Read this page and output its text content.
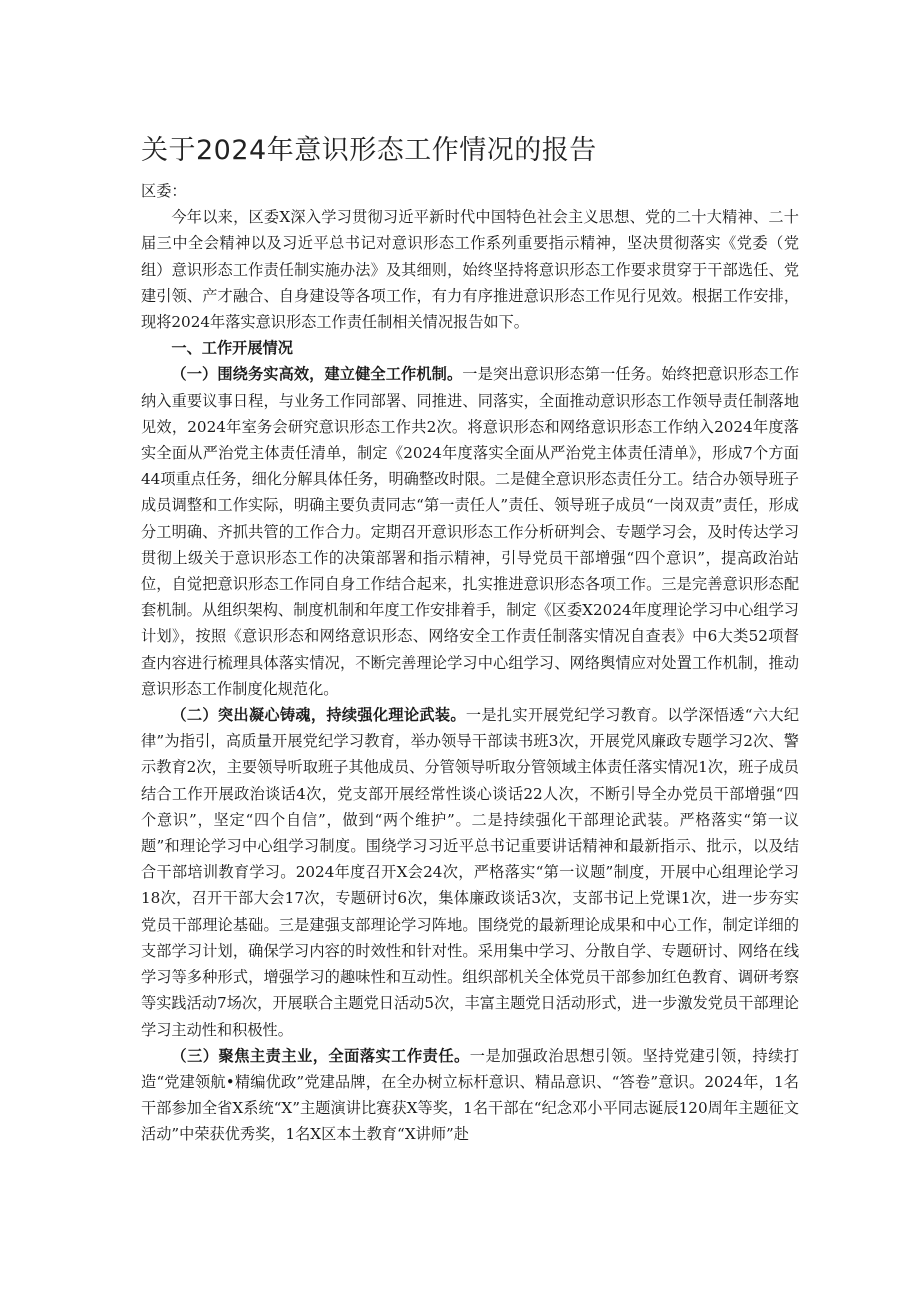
关于2024年意识形态工作情况的报告

区委：

今年以来，区委X深入学习贯彻习近平新时代中国特色社会主义思想、党的二十大精神、二十届三中全会精神以及习近平总书记对意识形态工作系列重要指示精神，坚决贯彻落实《党委（党组）意识形态工作责任制实施办法》及其细则，始终坚持将意识形态工作要求贯穿于干部选任、党建引领、产才融合、自身建设等各项工作，有力有序推进意识形态工作见行见效。根据工作安排，现将2024年落实意识形态工作责任制相关情况报告如下。

一、工作开展情况

（一）围绕务实高效，建立健全工作机制。一是突出意识形态第一任务。始终把意识形态工作纳入重要议事日程，与业务工作同部署、同推进、同落实，全面推动意识形态工作领导责任制落地见效，2024年室务会研究意识形态工作共2次。将意识形态和网络意识形态工作纳入2024年度落实全面从严治党主体责任清单，制定《2024年度落实全面从严治党主体责任清单》，形成7个方面44项重点任务，细化分解具体任务，明确整改时限。二是健全意识形态责任分工。结合办领导班子成员调整和工作实际，明确主要负责同志“第一责任人”责任、领导班子成员“一岗双责”责任，形成分工明确、齐抓共管的工作合力。定期召开意识形态工作分析研判会、专题学习会，及时传达学习贯彻上级关于意识形态工作的决策部署和指示精神，引导党员干部增强“四个意识”，提高政治站位，自觉把意识形态工作同自身工作结合起来，扎实推进意识形态各项工作。三是完善意识形态配套机制。从组织架构、制度机制和年度工作安排着手，制定《区委X2024年度理论学习中心组学习计划》，按照《意识形态和网络意识形态、网络安全工作责任制落实情况自查表》中6大类52项督查内容进行梳理具体落实情况，不断完善理论学习中心组学习、网络舆情应对处置工作机制，推动意识形态工作制度化规范化。

（二）突出凝心铸魂，持续强化理论武装。一是扎实开展党纪学习教育。以学深悟透“六大纪律”为指引，高质量开展党纪学习教育，举办领导干部读书班3次，开展党风廉政专题学习2次、警示教育2次，主要领导听取班子其他成员、分管领导听取分管领域主体责任落实情况1次，班子成员结合工作开展政治谈话4次，党支部开展经常性谈心谈话22人次，不断引导全办党员干部增强“四个意识”，坚定“四个自信”，做到“两个维护”。二是持续强化干部理论武装。严格落实“第一议题”和理论学习中心组学习制度。围绕学习习近平总书记重要讲话精神和最新指示、批示，以及结合干部培训教育学习。2024年度召开X会24次，严格落实“第一议题”制度，开展中心组理论学习18次，召开干部大会17次，专题研讨6次，集体廉政谈话3次，支部书记上党课1次，进一步夯实党员干部理论基础。三是建强支部理论学习阵地。围绕党的最新理论成果和中心工作，制定详细的支部学习计划，确保学习内容的时效性和针对性。采用集中学习、分散自学、专题研讨、网络在线学习等多种形式，增强学习的趣味性和互动性。组织部机关全体党员干部参加红色教育、调研考察等实践活动7场次，开展联合主题党日活动5次，丰富主题党日活动形式，进一步激发党员干部理论学习主动性和积极性。

（三）聚焦主责主业，全面落实工作责任。一是加强政治思想引领。坚持党建引领，持续打造“党建领航•精编优政”党建品牌，在全办树立标杆意识、精品意识、“答卷”意识。2024年，1名干部参加全省X系统“X”主题演讲比赛获X等奖，1名干部在“纪念邓小平同志诞辰120周年主题征文活动”中荣获优秀奖，1名X区本土教育“X讲师”赴
